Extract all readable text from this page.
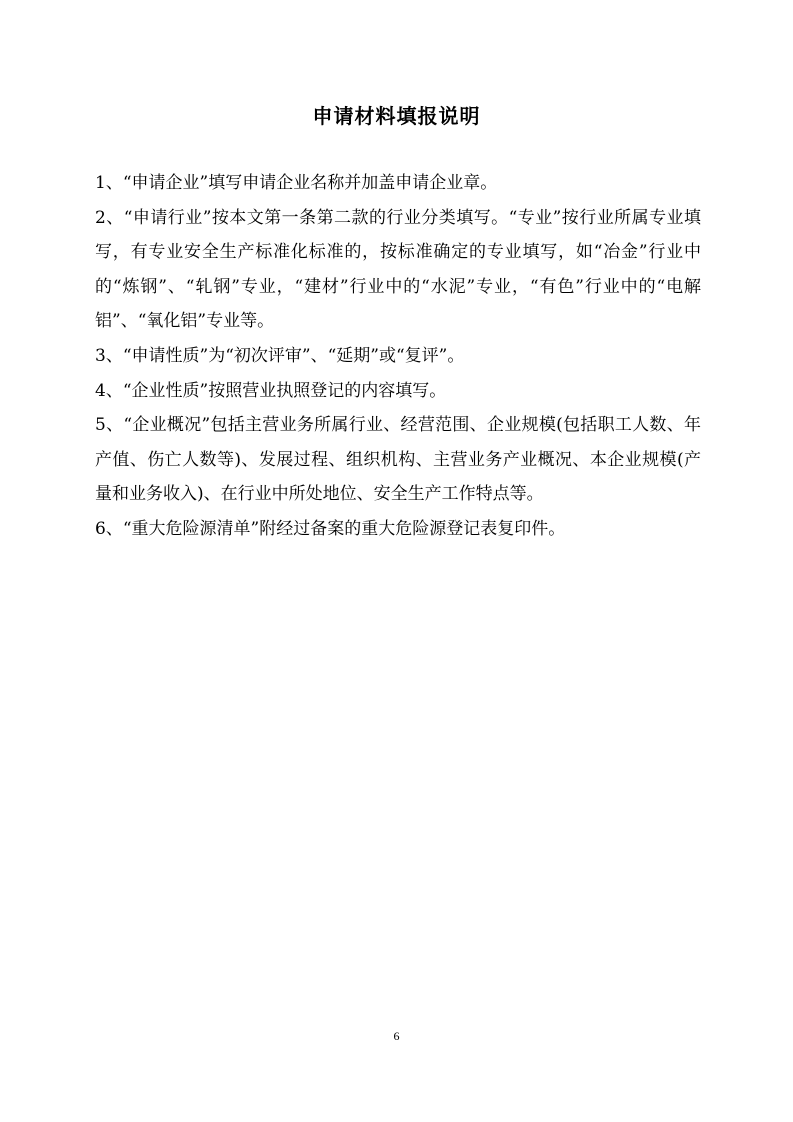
申请材料填报说明

1、“申请企业”填写申请企业名称并加盖申请企业章。

2、“申请行业”按本文第一条第二款的行业分类填写。“专业”按行业所属专业填写，有专业安全生产标准化标准的，按标准确定的专业填写，如“冶金”行业中的“炼钢”、“轧钢”专业，“建材”行业中的“水泥”专业，“有色”行业中的“电解铝”、“氧化铝”专业等。

3、“申请性质”为“初次评审”、“延期”或“复评”。

4、“企业性质”按照营业执照登记的内容填写。

5、“企业概况”包括主营业务所属行业、经营范围、企业规模(包括职工人数、年产值、伤亡人数等)、发展过程、组织机构、主营业务产业概况、本企业规模(产量和业务收入)、在行业中所处地位、安全生产工作特点等。

6、“重大危险源清单”附经过备案的重大危险源登记表复印件。

6
